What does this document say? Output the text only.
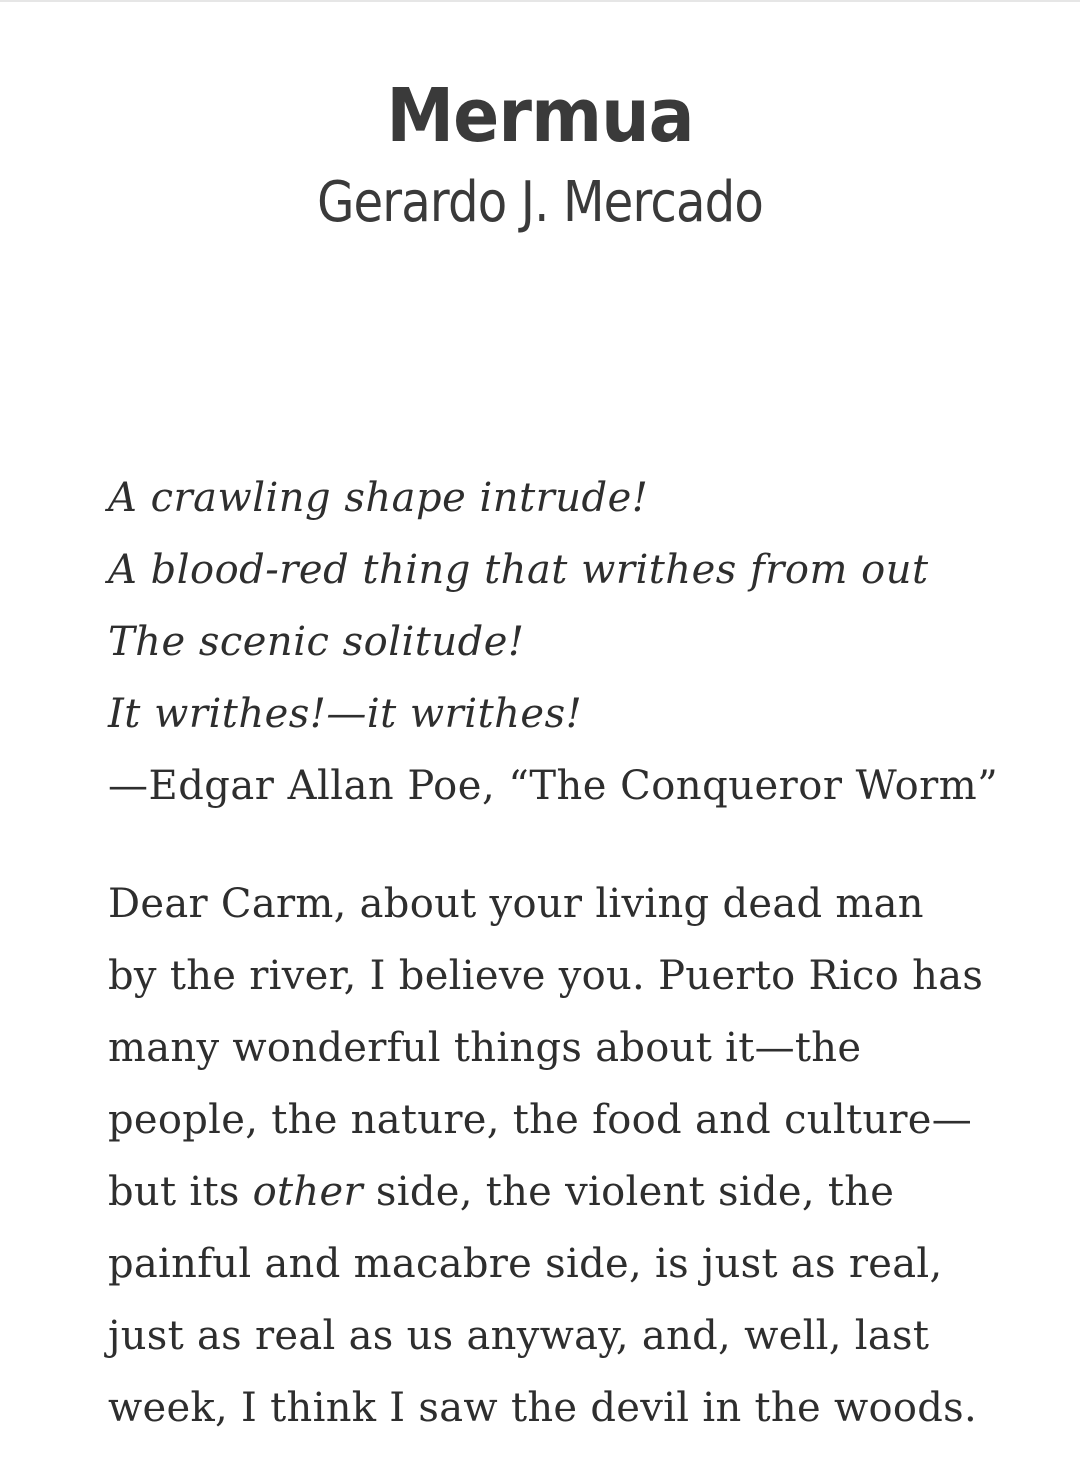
Mermua
Gerardo J. Mercado
A crawling shape intrude!
A blood-red thing that writhes from out
The scenic solitude!
It writhes!—it writhes!
—Edgar Allan Poe, “The Conqueror Worm”
Dear Carm, about your living dead man
by the river, I believe you. Puerto Rico has
many wonderful things about it—the
people, the nature, the food and culture—
but its other side, the violent side, the
painful and macabre side, is just as real,
just as real as us anyway, and, well, last
week, I think I saw the devil in the woods.
